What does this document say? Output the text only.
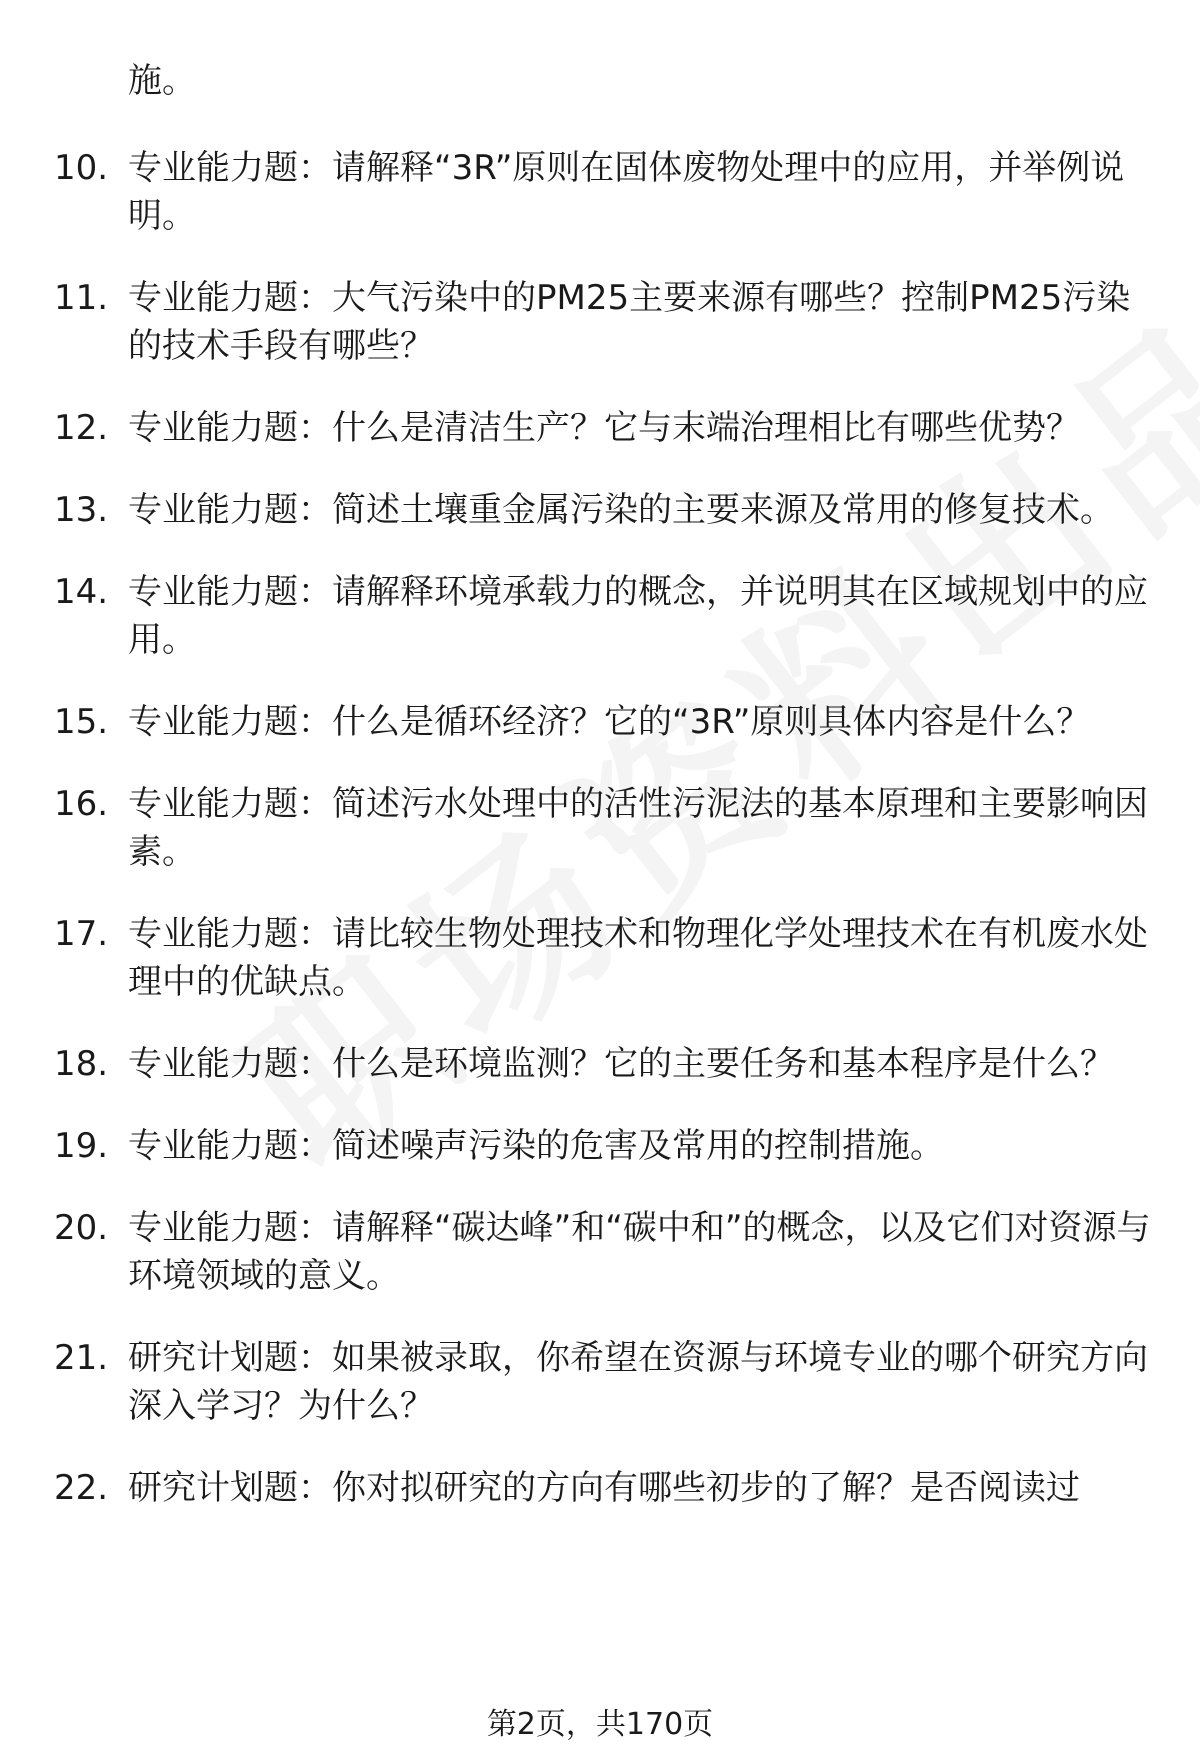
施。
10. 专业能力题：请解释“3R”原则在固体废物处理中的应用，并举例说明。
11. 专业能力题：大气污染中的PM25主要来源有哪些？控制PM25污染的技术手段有哪些？
12. 专业能力题：什么是清洁生产？它与末端治理相比有哪些优势？
13. 专业能力题：简述土壤重金属污染的主要来源及常用的修复技术。
14. 专业能力题：请解释环境承载力的概念，并说明其在区域规划中的应用。
15. 专业能力题：什么是循环经济？它的“3R”原则具体内容是什么？
16. 专业能力题：简述污水处理中的活性污泥法的基本原理和主要影响因素。
17. 专业能力题：请比较生物处理技术和物理化学处理技术在有机废水处理中的优缺点。
18. 专业能力题：什么是环境监测？它的主要任务和基本程序是什么？
19. 专业能力题：简述噪声污染的危害及常用的控制措施。
20. 专业能力题：请解释“碳达峰”和“碳中和”的概念，以及它们对资源与环境领域的意义。
21. 研究计划题：如果被录取，你希望在资源与环境专业的哪个研究方向深入学习？为什么？
22. 研究计划题：你对拟研究的方向有哪些初步的了解？是否阅读过
第2页，共170页
